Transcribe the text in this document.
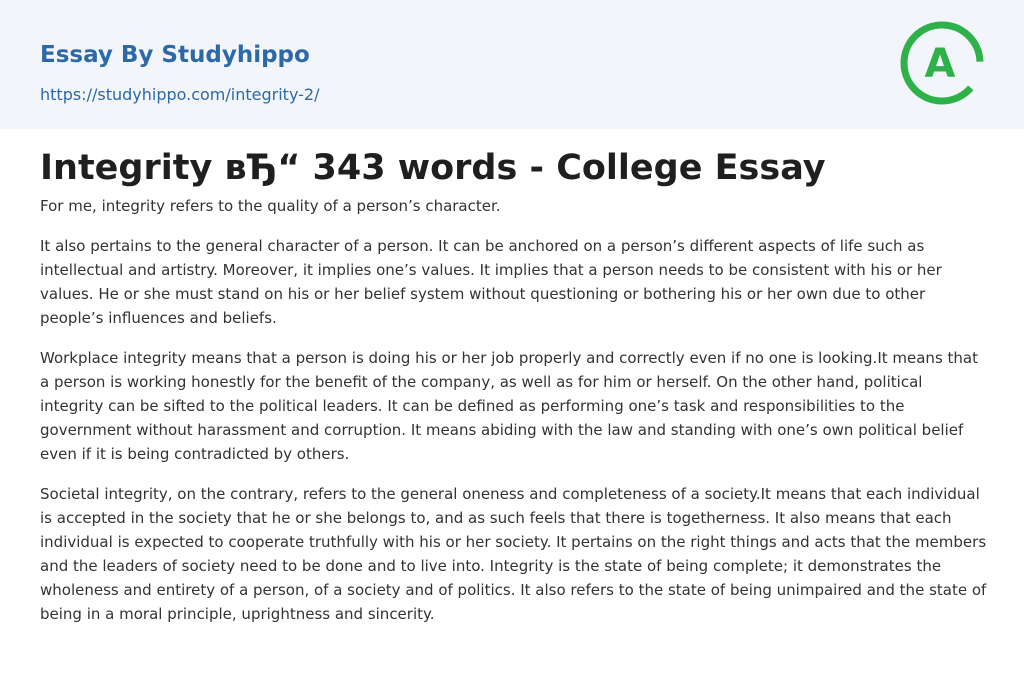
Essay By Studyhippo
https://studyhippo.com/integrity-2/
A
Integrity вЂ“ 343 words - College Essay

For me, integrity refers to the quality of a person’s character.

It also pertains to the general character of a person. It can be anchored on a person’s different aspects of life such as intellectual and artistry. Moreover, it implies one’s values. It implies that a person needs to be consistent with his or her values. He or she must stand on his or her belief system without questioning or bothering his or her own due to other people’s influences and beliefs.

Workplace integrity means that a person is doing his or her job properly and correctly even if no one is looking.It means that a person is working honestly for the benefit of the company, as well as for him or herself. On the other hand, political integrity can be sifted to the political leaders. It can be defined as performing one’s task and responsibilities to the government without harassment and corruption. It means abiding with the law and standing with one’s own political belief even if it is being contradicted by others.

Societal integrity, on the contrary, refers to the general oneness and completeness of a society.It means that each individual is accepted in the society that he or she belongs to, and as such feels that there is togetherness. It also means that each individual is expected to cooperate truthfully with his or her society. It pertains on the right things and acts that the members and the leaders of society need to be done and to live into. Integrity is the state of being complete; it demonstrates the wholeness and entirety of a person, of a society and of politics. It also refers to the state of being unimpaired and the state of being in a moral principle, uprightness and sincerity.
